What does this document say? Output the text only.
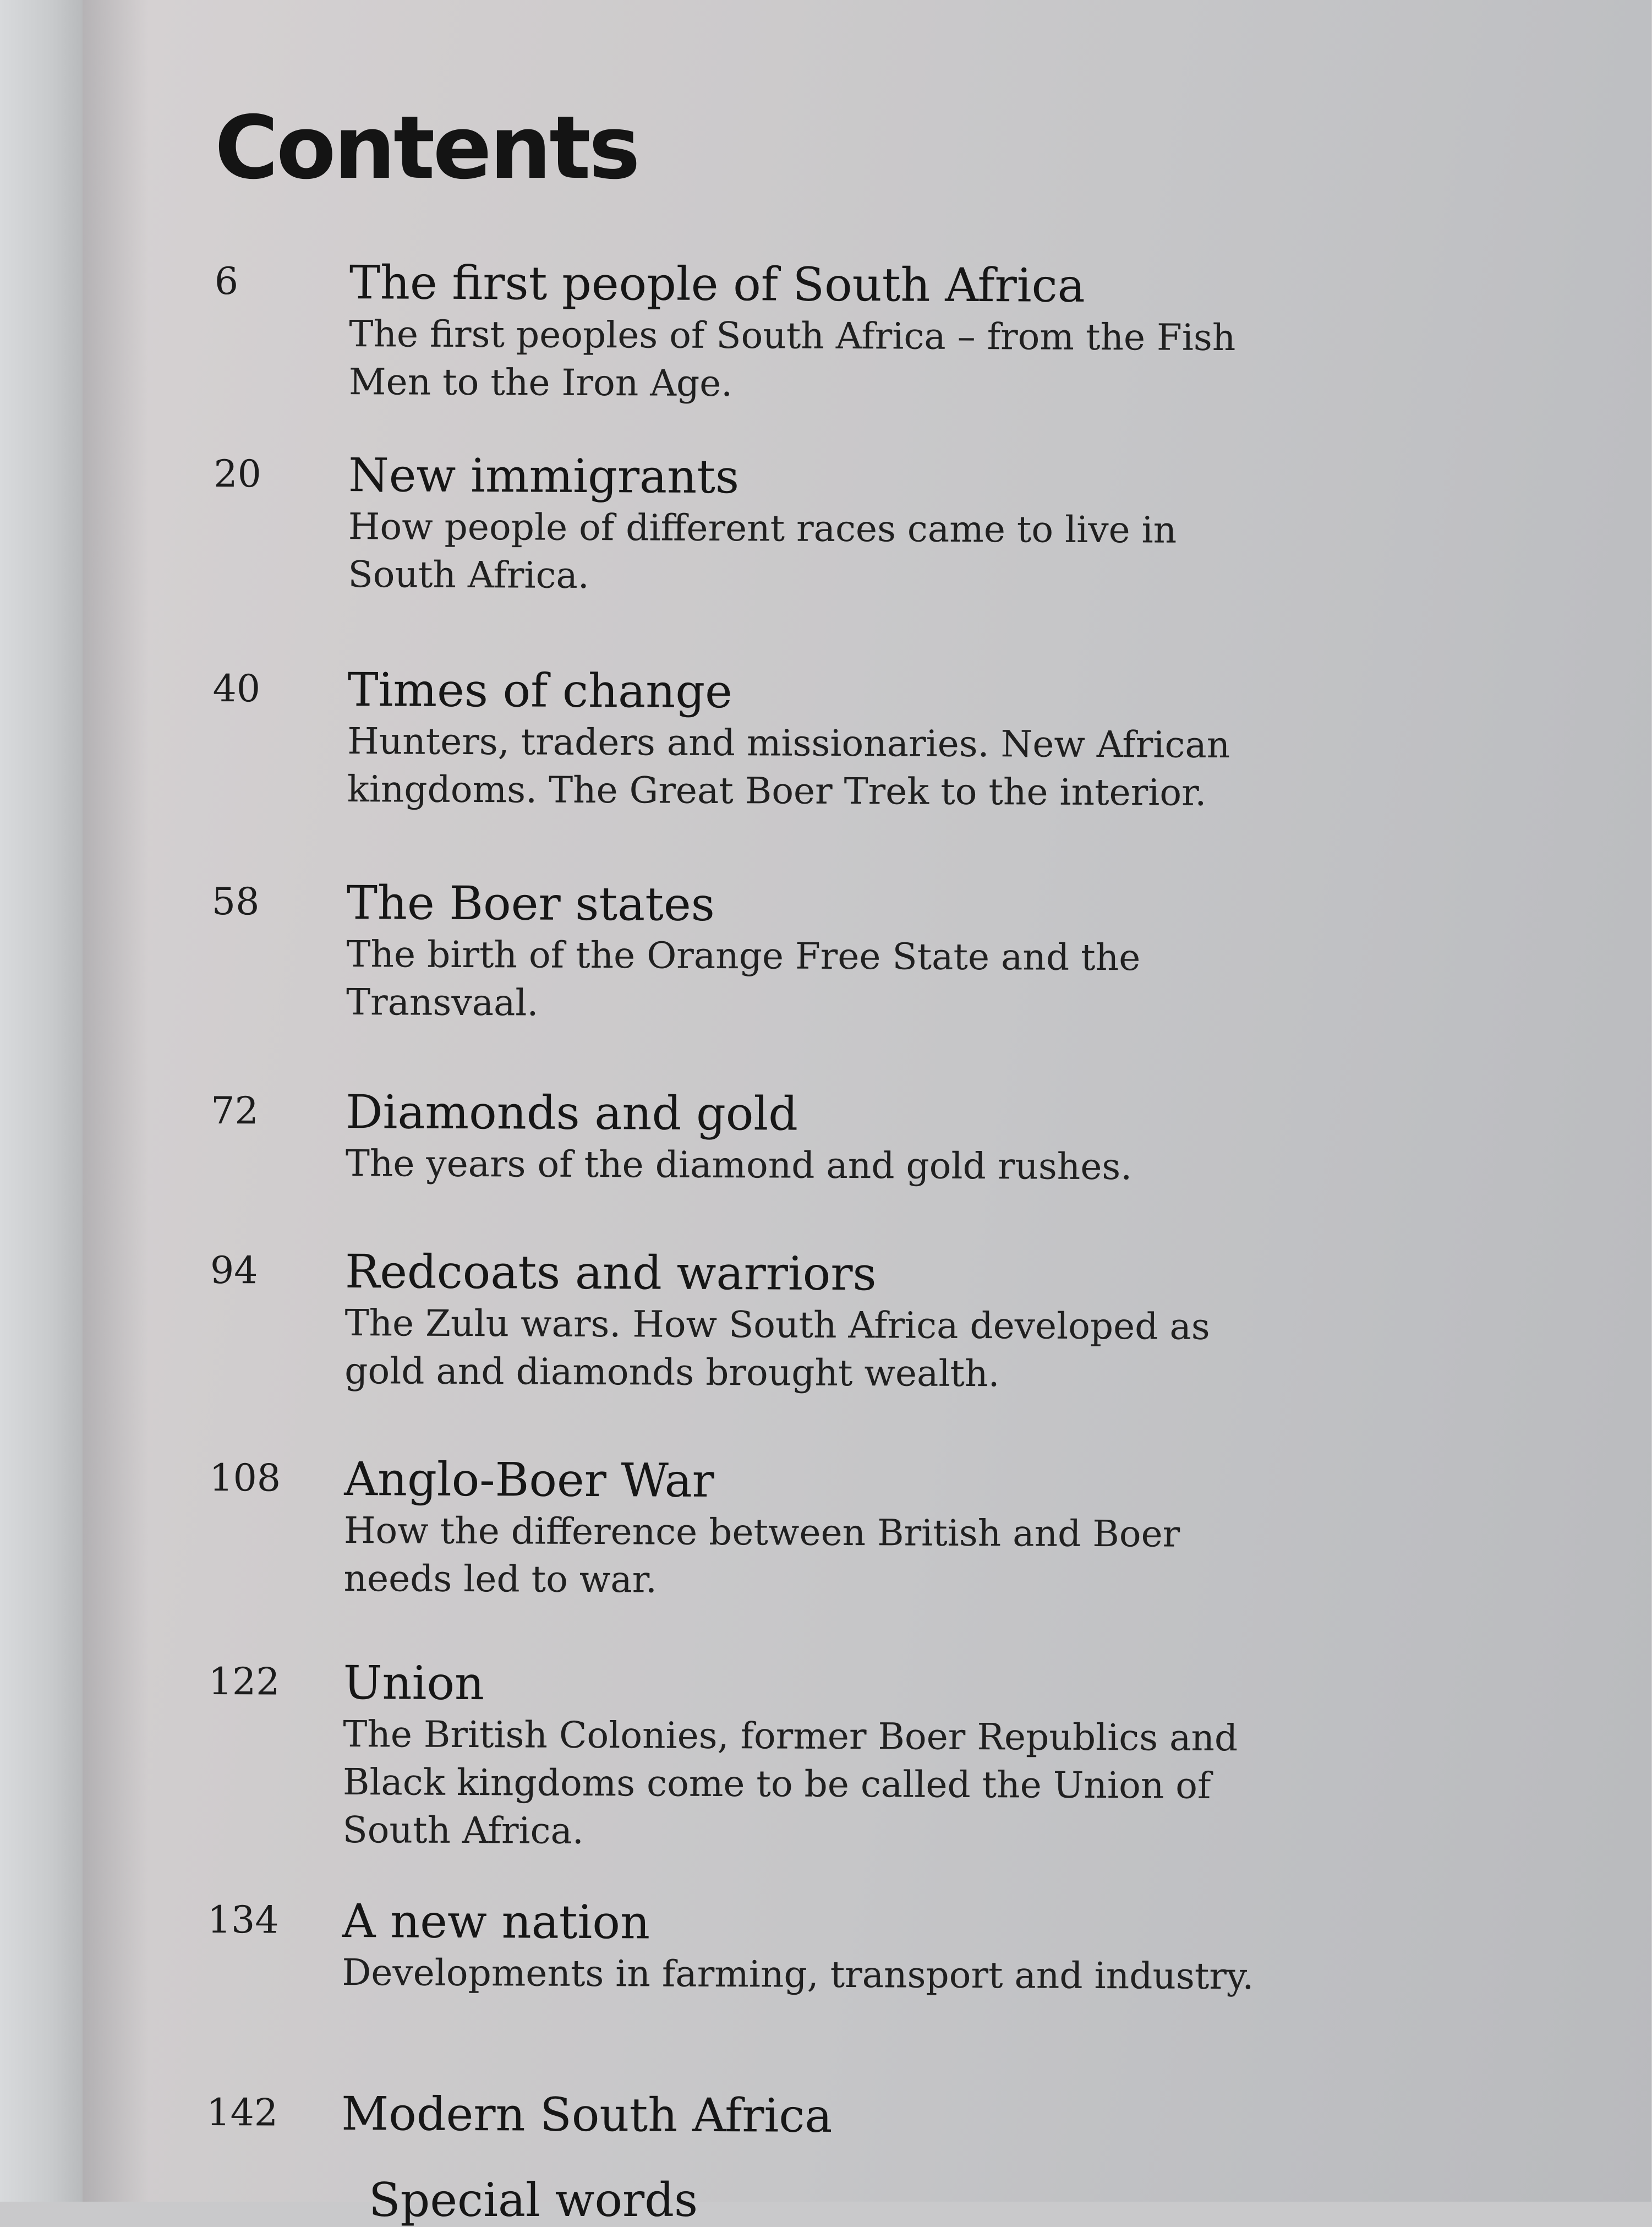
Contents
6 The first people of South Africa

The first peoples of South Africa – from the Fish Men to the Iron Age.

20 New immigrants

How people of different races came to live in South Africa.

40 Times of change

Hunters, traders and missionaries. New African kingdoms. The Great Boer Trek to the interior.

58 The Boer states

The birth of the Orange Free State and the Transvaal.

72 Diamonds and gold

The years of the diamond and gold rushes.

94 Redcoats and warriors

The Zulu wars. How South Africa developed as gold and diamonds brought wealth.

108 Anglo-Boer War

How the difference between British and Boer needs led to war.

122 Union

The British Colonies, former Boer Republics and Black kingdoms come to be called the Union of South Africa.

134 A new nation

Developments in farming, transport and industry.

142 Modern South Africa

Special words
